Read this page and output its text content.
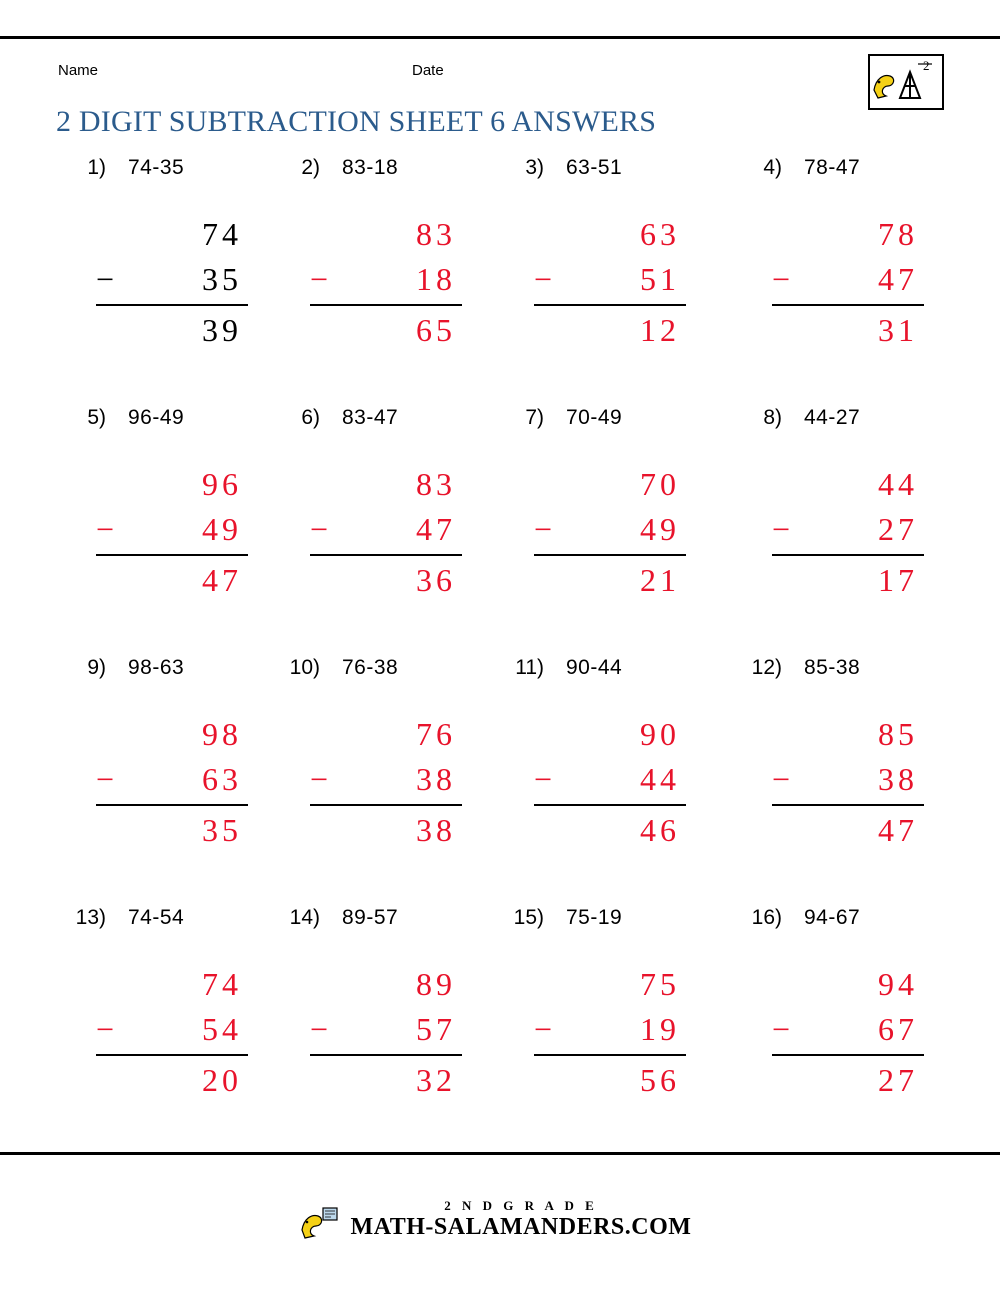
Name	Date	2
2 DIGIT SUBTRACTION SHEET 6 ANSWERS
1) 74-35
74
−	35
39
2) 83-18
83
−	18
65
3) 63-51
63
−	51
12
4) 78-47
78
−	47
31
5) 96-49
96
−	49
47
6) 83-47
83
−	47
36
7) 70-49
70
−	49
21
8) 44-27
44
−	27
17
9) 98-63
98
−	63
35
10) 76-38
76
−	38
38
11) 90-44
90
−	44
46
12) 85-38
85
−	38
47
13) 74-54
74
−	54
20
14) 89-57
89
−	57
32
15) 75-19
75
−	19
56
16) 94-67
94
−	67
27
2 N D G R A D E
MATH-SALAMANDERS.COM
